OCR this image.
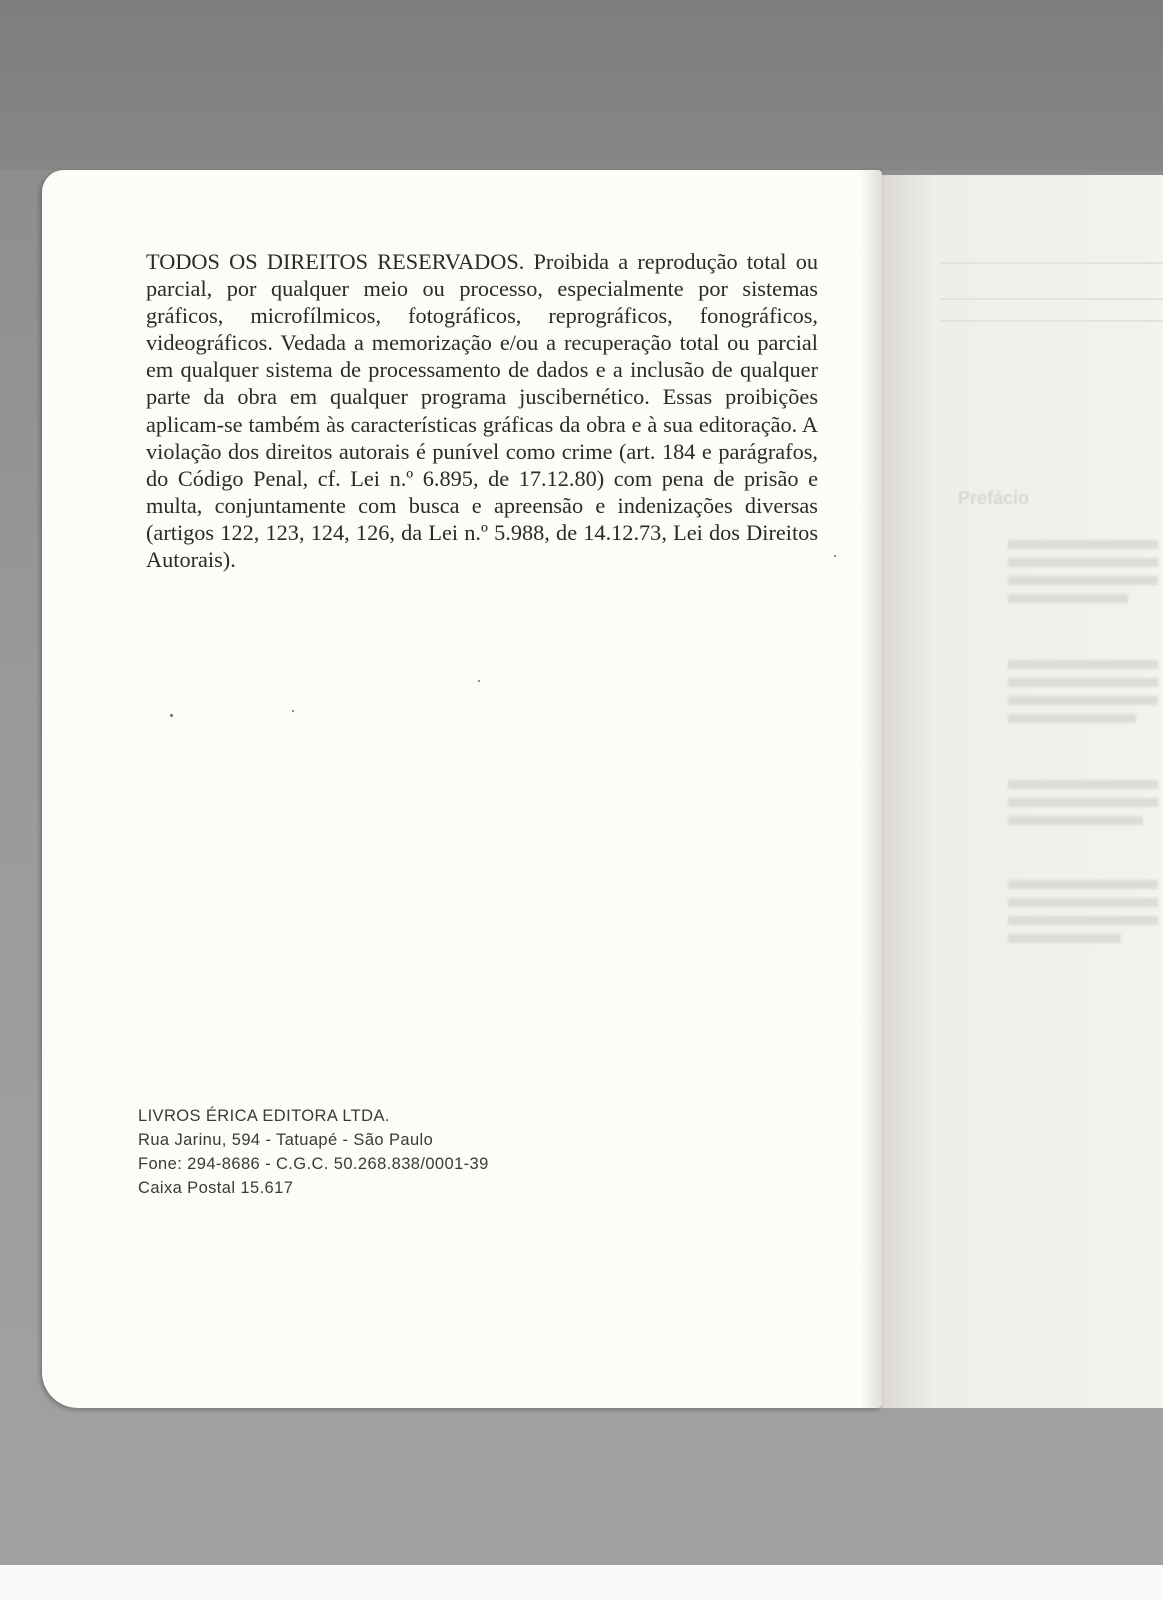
Prefácio

TODOS OS DIREITOS RESERVADOS. Proibida a reprodução total ou parcial, por qualquer meio ou processo, especialmente por sistemas gráficos, microfílmicos, fotográficos, reprográficos, fonográficos, videográficos. Vedada a memorização e/ou a recuperação total ou parcial em qualquer sistema de processamento de dados e a inclusão de qualquer parte da obra em qualquer programa juscibernético. Essas proibições aplicam-se também às características gráficas da obra e à sua editoração. A violação dos direitos autorais é punível como crime (art. 184 e parágrafos, do Código Penal, cf. Lei n.º 6.895, de 17.12.80) com pena de prisão e multa, conjuntamente com busca e apreensão e indenizações diversas (artigos 122, 123, 124, 126, da Lei n.º 5.988, de 14.12.73, Lei dos Direitos Autorais).

LIVROS ÉRICA EDITORA LTDA.
Rua Jarinu, 594 - Tatuapé - São Paulo
Fone: 294-8686 - C.G.C. 50.268.838/0001-39
Caixa Postal 15.617
